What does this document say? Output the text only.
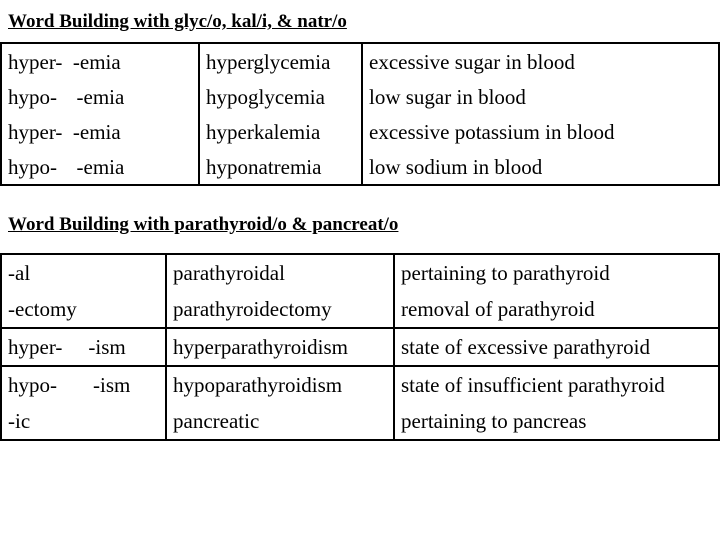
Word Building with glyc/o, kal/i, & natr/o
hyper- -emia	hyperglycemia	excessive sugar in blood
hypo- -emia	hypoglycemia	low sugar in blood
hyper- -emia	hyperkalemia	excessive potassium in blood
hypo- -emia	hyponatremia	low sodium in blood
Word Building with parathyroid/o & pancreat/o
-al	parathyroidal	pertaining to parathyroid
-ectomy	parathyroidectomy	removal of parathyroid
hyper- -ism	hyperparathyroidism	state of excessive parathyroid
hypo- -ism	hypoparathyroidism	state of insufficient parathyroid
-ic	pancreatic	pertaining to pancreas
